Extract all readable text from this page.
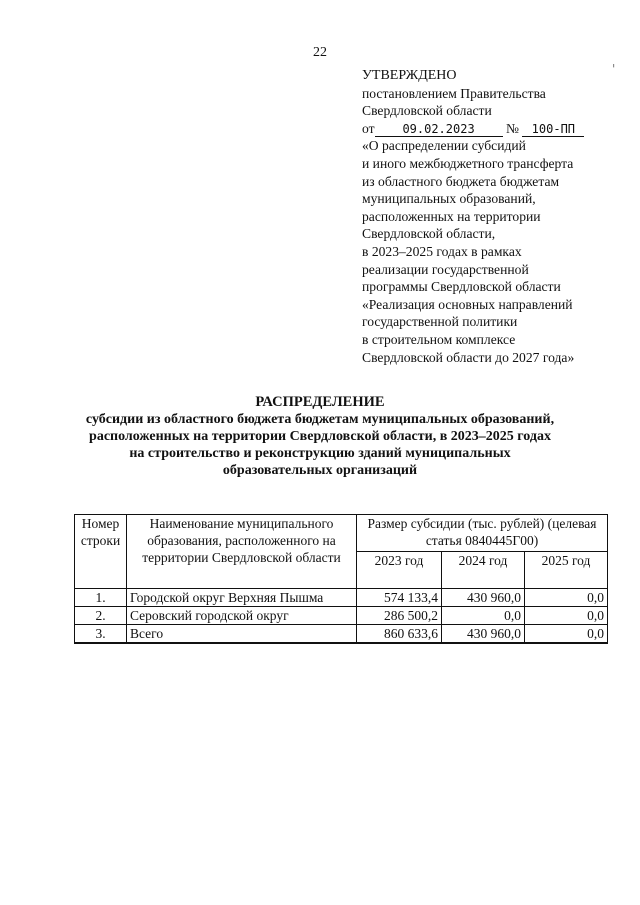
22
'
УТВЕРЖДЕНО
постановлением Правительства
Свердловской области
от 09.02.2023 № 100-ПП
«О распределении субсидий
и иного межбюджетного трансферта
из областного бюджета бюджетам
муниципальных образований,
расположенных на территории
Свердловской области,
в 2023–2025 годах в рамках
реализации государственной
программы Свердловской области
«Реализация основных направлений
государственной политики
в строительном комплексе
Свердловской области до 2027 года»
РАСПРЕДЕЛЕНИЕ
субсидии из областного бюджета бюджетам муниципальных образований,
расположенных на территории Свердловской области, в 2023–2025 годах
на строительство и реконструкцию зданий муниципальных
образовательных организаций
Номер строки	Наименование муниципального образования, расположенного на территории Свердловской области	Размер субсидии (тыс. рублей) (целевая статья 0840445Г00)		
		2023 год	2024 год	2025 год
1.	Городской округ Верхняя Пышма	574 133,4	430 960,0	0,0
2.	Серовский городской округ	286 500,2	0,0	0,0
3.	Всего	860 633,6	430 960,0	0,0
